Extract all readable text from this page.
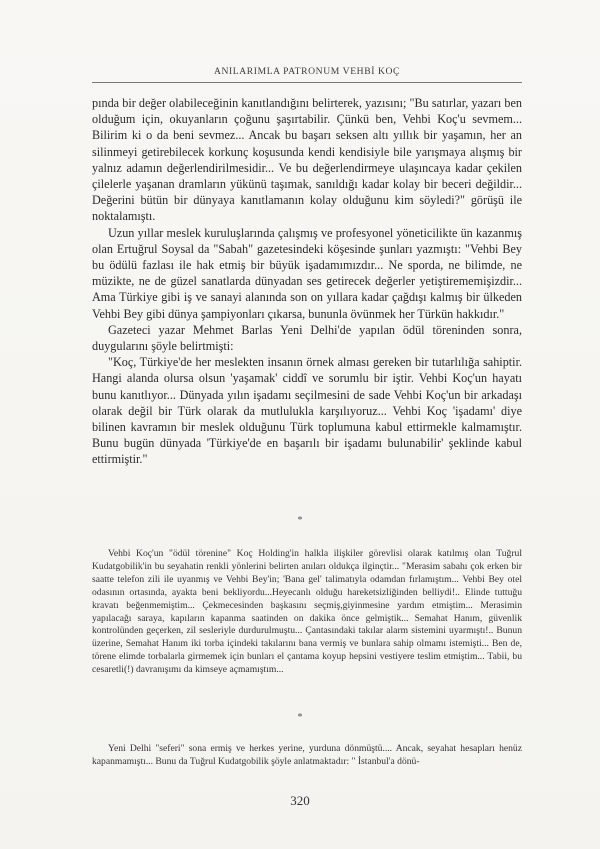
ANILARIMLA PATRONUM VEHBİ KOÇ

pında bir değer olabileceğinin kanıtlandığını belirterek, yazısını; "Bu satırlar, yazarı ben olduğum için, okuyanların çoğunu şaşırtabilir. Çünkü ben, Vehbi Koç'u sevmem... Bilirim ki o da beni sevmez... Ancak bu başarı seksen altı yıllık bir yaşamın, her an silinmeyi getirebilecek korkunç koşusunda kendi kendisiyle bile yarışmaya alışmış bir yalnız adamın değerlendirilmesidir... Ve bu değerlendirmeye ulaşıncaya kadar çekilen çilelerle yaşanan dramların yükünü taşımak, sanıldığı kadar kolay bir beceri değildir... Değerini bütün bir dünyaya kanıtlamanın kolay olduğunu kim söyledi?" görüşü ile noktalamıştı.

Uzun yıllar meslek kuruluşlarında çalışmış ve profesyonel yöneticilikte ün kazanmış olan Ertuğrul Soysal da "Sabah" gazetesindeki köşesinde şunları yazmıştı: "Vehbi Bey bu ödülü fazlası ile hak etmiş bir büyük işadamımızdır... Ne sporda, ne bilimde, ne müzikte, ne de güzel sanatlarda dünyadan ses getirecek değerler yetiştirememişizdir... Ama Türkiye gibi iş ve sanayi alanında son on yıllara kadar çağdışı kalmış bir ülkeden Vehbi Bey gibi dünya şampiyonları çıkarsa, bununla övünmek her Türkün hakkıdır."

Gazeteci yazar Mehmet Barlas Yeni Delhi'de yapılan ödül töreninden sonra, duygularını şöyle belirtmişti:

"Koç, Türkiye'de her meslekten insanın örnek alması gereken bir tutarlılığa sahiptir. Hangi alanda olursa olsun 'yaşamak' ciddî ve sorumlu bir iştir. Vehbi Koç'un hayatı bunu kanıtlıyor... Dünyada yılın işadamı seçilmesini de sade Vehbi Koç'un bir arkadaşı olarak değil bir Türk olarak da mutlulukla karşılıyoruz... Vehbi Koç 'işadamı' diye bilinen kavramın bir meslek olduğunu Türk toplumuna kabul ettirmekle kalmamıştır. Bunu bugün dünyada 'Türkiye'de en başarılı bir işadamı bulunabilir' şeklinde kabul ettirmiştir."

*

Vehbi Koç'un "ödül törenine" Koç Holding'in halkla ilişkiler görevlisi olarak katılmış olan Tuğrul Kudatgobilik'in bu seyahatin renkli yönlerini belirten anıları oldukça ilginçtir... "Merasim sabahı çok erken bir saatte telefon zili ile uyanmış ve Vehbi Bey'in; 'Bana gel' talimatıyla odamdan fırlamıştım... Vehbi Bey otel odasının ortasında, ayakta beni bekliyordu...Heyecanlı olduğu hareketsizliğinden belliydi!.. Elinde tuttuğu kravatı beğenmemiştim... Çekmecesinden başkasını seçmiş,giyinmesine yardım etmiştim... Merasimin yapılacağı saraya, kapıların kapanma saatinden on dakika önce gelmiştik... Semahat Hanım, güvenlik kontrolünden geçerken, zil sesleriyle durdurulmuştu... Çantasındaki takılar alarm sistemini uyarmıştı!.. Bunun üzerine, Semahat Hanım iki torba içindeki takılarını bana vermiş ve bunlara sahip olmamı istemişti... Ben de, törene elimde torbalarla girmemek için bunları el çantama koyup hepsini vestiyere teslim etmiştim... Tabii, bu cesaretli(!) davranışımı da kimseye açmamıştım...

*

Yeni Delhi "seferi" sona ermiş ve herkes yerine, yurduna dönmüştü.... Ancak, seyahat hesapları henüz kapanmamıştı... Bunu da Tuğrul Kudatgobilik şöyle anlatmaktadır: " İstanbul'a dönü-

320
